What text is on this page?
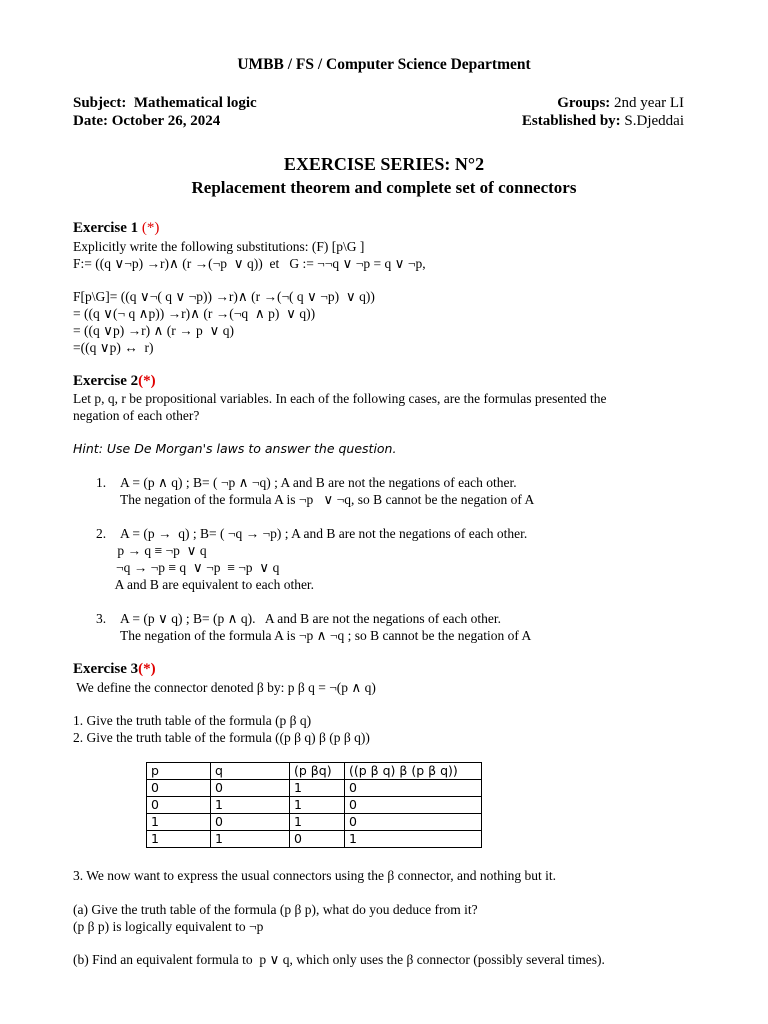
UMBB / FS / Computer Science Department
Subject: Mathematical logic
Date: October 26, 2024
Groups: 2nd year LI
Established by: S.Djeddai
EXERCISE SERIES: N°2
Replacement theorem and complete set of connectors
Exercise 1 (*)
Explicitly write the following substitutions: (F) [p\G ]
F:= ((q ∨¬p) →r)∧ (r →(¬p  ∨ q))  et   G := ¬¬q ∨ ¬p = q ∨ ¬p,
F[p\G]= ((q ∨¬( q ∨ ¬p)) →r)∧ (r →(¬( q ∨ ¬p)  ∨ q))
= ((q ∨(¬ q ∧p)) →r)∧ (r →(¬q  ∧ p)  ∨ q))
= ((q ∨p) →r) ∧ (r → p  ∨ q)
=((q ∨p) ↔  r)
Exercise 2(*)
Let p, q, r be propositional variables. In each of the following cases, are the formulas presented the
negation of each other?
Hint: Use De Morgan's laws to answer the question.
1. A = (p ∧ q) ; B= ( ¬p ∧ ¬q) ; A and B are not the negations of each other.
The negation of the formula A is ¬p   ∨ ¬q, so B cannot be the negation of A
2. A = (p →  q) ; B= ( ¬q → ¬p) ; A and B are not the negations of each other.
p → q ≡ ¬p  ∨ q
¬q → ¬p ≡ q  ∨ ¬p  ≡ ¬p  ∨ q
A and B are equivalent to each other.
3. A = (p ∨ q) ; B= (p ∧ q).   A and B are not the negations of each other.
The negation of the formula A is ¬p ∧ ¬q ; so B cannot be the negation of A
Exercise 3(*)
We define the connector denoted β by: p β q = ¬(p ∧ q)
1. Give the truth table of the formula (p β q)
2. Give the truth table of the formula ((p β q) β (p β q))
p	q	(p βq)	((p β q) β (p β q))
0	0	1	0
0	1	1	0
1	0	1	0
1	1	0	1
3. We now want to express the usual connectors using the β connector, and nothing but it.
(a) Give the truth table of the formula (p β p), what do you deduce from it?
(p β p) is logically equivalent to ¬p
(b) Find an equivalent formula to  p ∨ q, which only uses the β connector (possibly several times).
